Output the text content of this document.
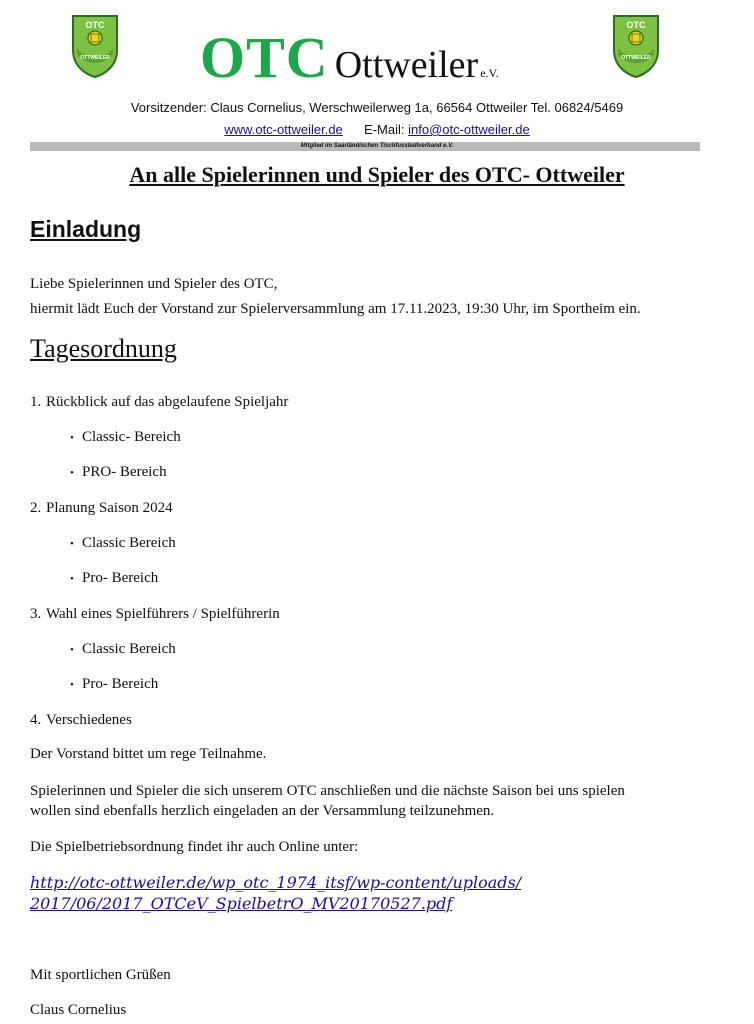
OTC
OTTWEILER
OTC
OTTWEILER
OTC Ottweiler e.V.
Vorsitzender: Claus Cornelius, Werschweilerweg 1a, 66564 Ottweiler Tel. 06824/5469
www.otc-ottweiler.de E-Mail: info@otc-ottweiler.de
Mitglied im Saarländischen Tischfussballverband e.V.
An alle Spielerinnen und Spieler des OTC- Ottweiler
Einladung
Liebe Spielerinnen und Spieler des OTC,
hiermit lädt Euch der Vorstand zur Spielerversammlung am 17.11.2023, 19:30 Uhr, im Sportheim ein.
Tagesordnung
1. Rückblick auf das abgelaufene Spieljahr
• Classic- Bereich
• PRO- Bereich
2. Planung Saison 2024
• Classic Bereich
• Pro- Bereich
3. Wahl eines Spielführers / Spielführerin
• Classic Bereich
• Pro- Bereich
4. Verschiedenes
Der Vorstand bittet um rege Teilnahme.
Spielerinnen und Spieler die sich unserem OTC anschließen und die nächste Saison bei uns spielen
wollen sind ebenfalls herzlich eingeladen an der Versammlung teilzunehmen.
Die Spielbetriebsordnung findet ihr auch Online unter:
http://otc-ottweiler.de/wp_otc_1974_itsf/wp-content/uploads/
2017/06/2017_OTCeV_SpielbetrO_MV20170527.pdf
Mit sportlichen Grüßen
Claus Cornelius
